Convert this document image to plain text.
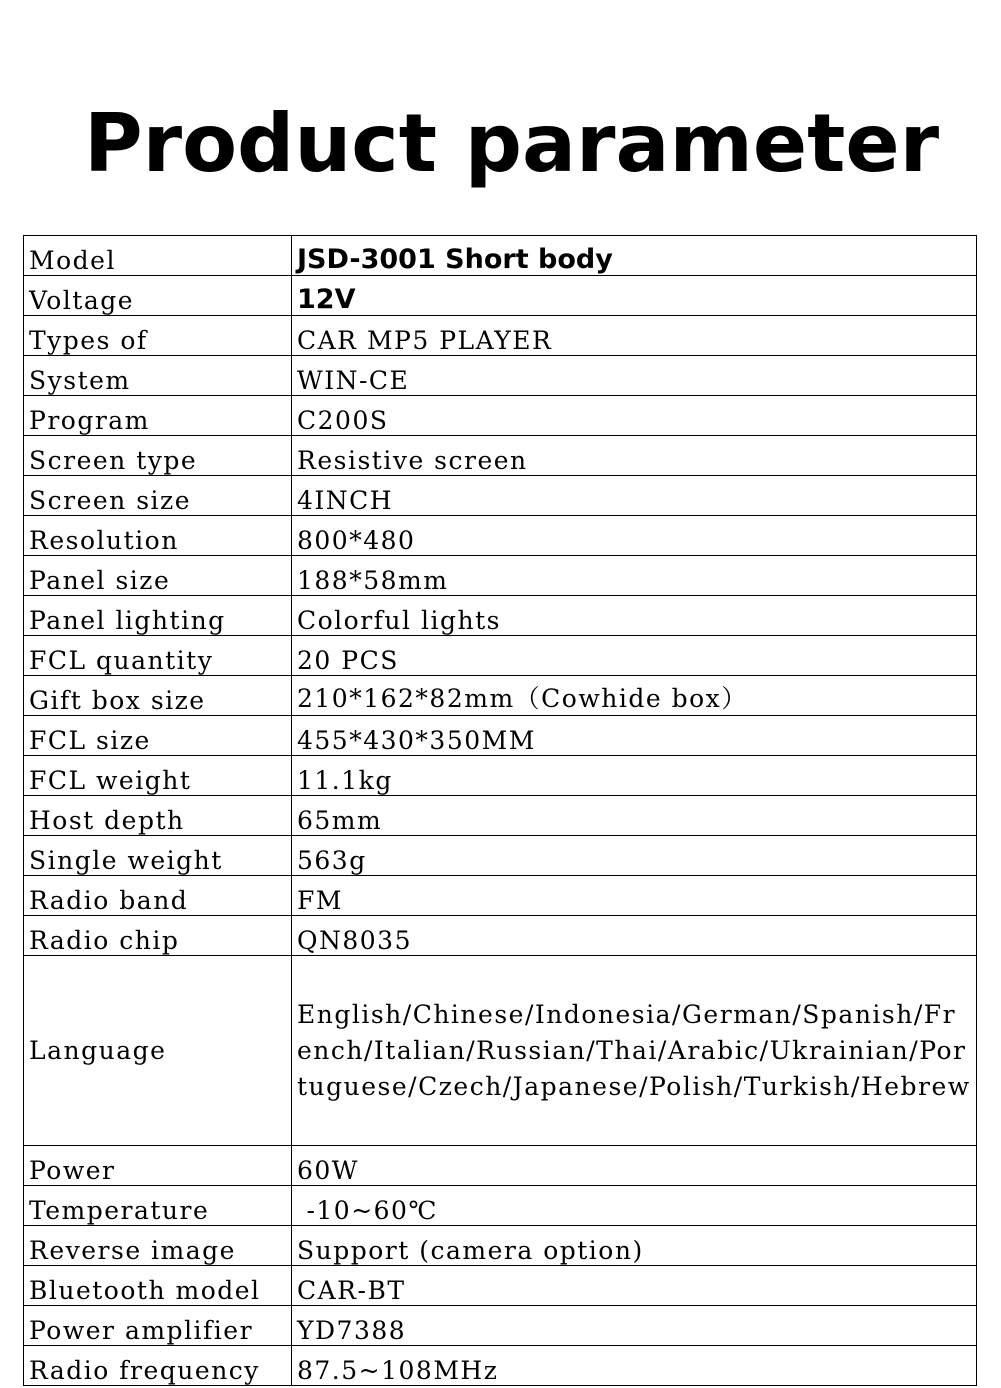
Product parameter
Model	JSD-3001 Short body
Voltage	12V
Types of	CAR MP5 PLAYER
System	WIN-CE
Program	C200S
Screen type	Resistive screen
Screen size	4INCH
Resolution	800*480
Panel size	188*58mm
Panel lighting	Colorful lights
FCL quantity	20 PCS
Gift box size	210*162*82mm（Cowhide box）
FCL size	455*430*350MM
FCL weight	11.1kg
Host depth	65mm
Single weight	563g
Radio band	FM
Radio chip	QN8035
Language	English/Chinese/Indonesia/German/Spanish/French/Italian/Russian/Thai/Arabic/Ukrainian/Portuguese/Czech/Japanese/Polish/Turkish/Hebrew
Power	60W
Temperature	-10~60℃
Reverse image	Support (camera option)
Bluetooth model	CAR-BT
Power amplifier	YD7388
Radio frequency	87.5~108MHz
